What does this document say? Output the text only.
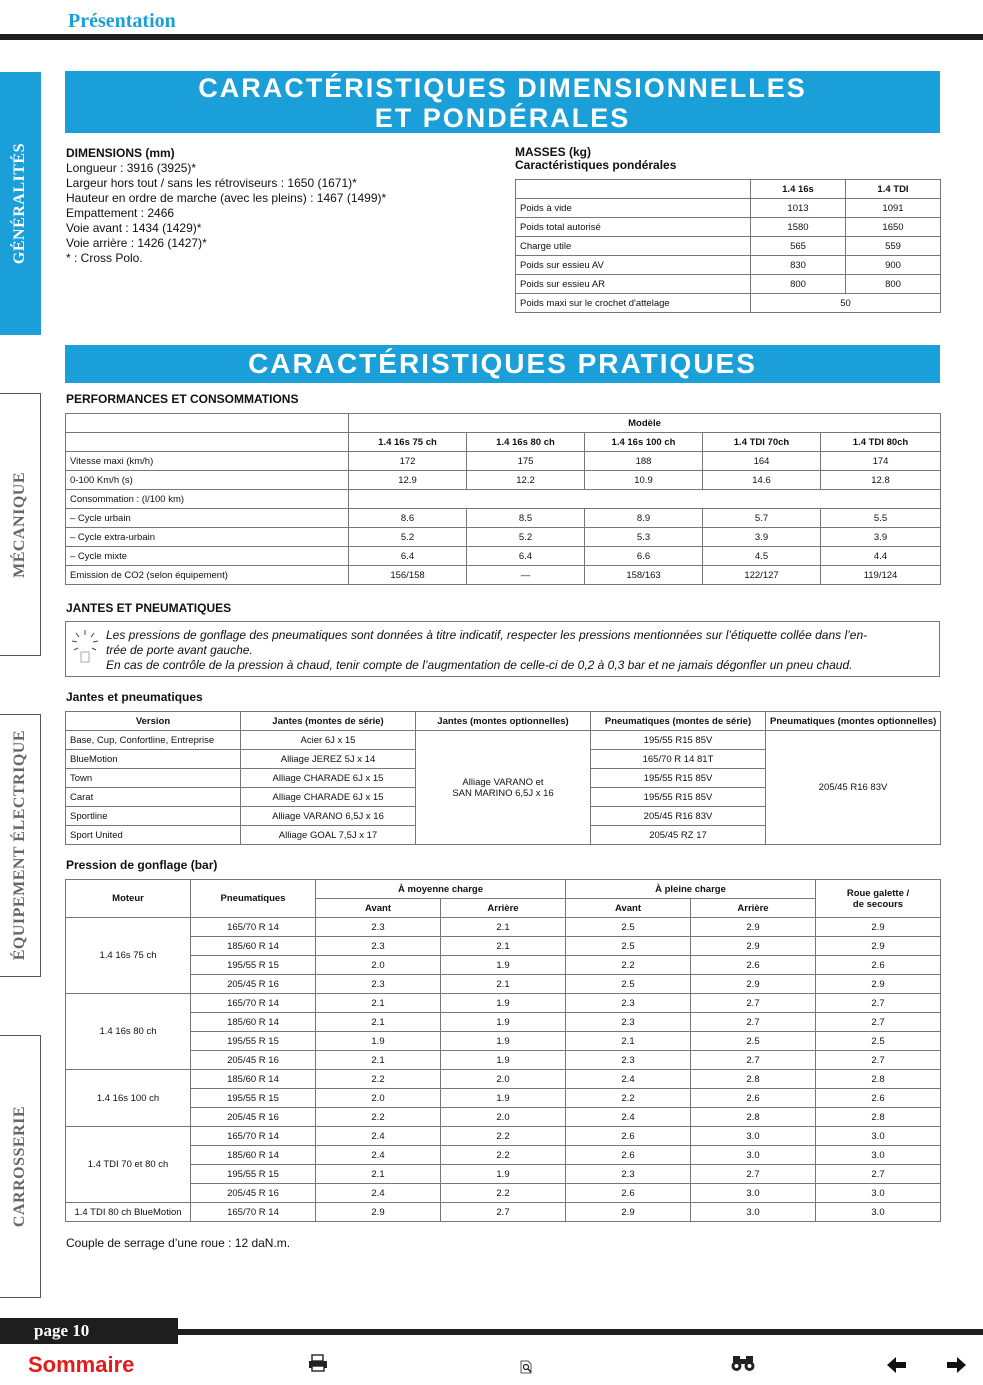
Présentation
GÉNÉRALITÉS
MÉCANIQUE
ÉQUIPEMENT ÉLECTRIQUE
CARROSSERIE
CARACTÉRISTIQUES DIMENSIONNELLES
ET PONDÉRALES
DIMENSIONS (mm)
Longueur : 3916 (3925)*
Largeur hors tout / sans les rétroviseurs : 1650 (1671)*
Hauteur en ordre de marche (avec les pleins) : 1467 (1499)*
Empattement : 2466
Voie avant : 1434 (1429)*
Voie arrière : 1426 (1427)*
* : Cross Polo.
MASSES (kg)
Caractéristiques pondérales
	1.4 16s	1.4 TDI
Poids à vide	1013	1091
Poids total autorisé	1580	1650
Charge utile	565	559
Poids sur essieu AV	830	900
Poids sur essieu AR	800	800
Poids maxi sur le crochet d'attelage	50	
CARACTÉRISTIQUES PRATIQUES
PERFORMANCES ET CONSOMMATIONS
	Modèle				
	1.4 16s 75 ch	1.4 16s 80 ch	1.4 16s 100 ch	1.4 TDI 70ch	1.4 TDI 80ch
Vitesse maxi (km/h)	172	175	188	164	174
0-100 Km/h (s)	12.9	12.2	10.9	14.6	12.8
Consommation : (l/100 km)					
– Cycle urbain	8.6	8.5	8.9	5.7	5.5
– Cycle extra-urbain	5.2	5.2	5.3	3.9	3.9
– Cycle mixte	6.4	6.4	6.6	4.5	4.4
Emission de CO2 (selon équipement)	156/158	—	158/163	122/127	119/124
JANTES ET PNEUMATIQUES
Les pressions de gonflage des pneumatiques sont données à titre indicatif, respecter les pressions mentionnées sur l’étiquette collée dans l’en-
trée de porte avant gauche.
En cas de contrôle de la pression à chaud, tenir compte de l’augmentation de celle-ci de 0,2 à 0,3 bar et ne jamais dégonfler un pneu chaud.
Jantes et pneumatiques
Version	Jantes (montes de série)	Jantes (montes optionnelles)	Pneumatiques (montes de série)	Pneumatiques (montes optionnelles)
Base, Cup, Confortline, Entreprise	Acier 6J x 15	Alliage VARANO et
SAN MARINO 6,5J x 16	195/55 R15 85V	205/45 R16 83V
BlueMotion	Alliage JEREZ 5J x 14		165/70 R 14 81T	
Town	Alliage CHARADE 6J x 15		195/55 R15 85V	
Carat	Alliage CHARADE 6J x 15		195/55 R15 85V	
Sportline	Alliage VARANO 6,5J x 16		205/45 R16 83V	
Sport United	Alliage GOAL 7,5J x 17		205/45 RZ 17	
Pression de gonflage (bar)
Moteur	Pneumatiques	À moyenne charge		À pleine charge		Roue galette /
de secours

		Avant	Arrière	Avant	Arrière	
1.4 16s 75 ch	165/70 R 14	2.3	2.1	2.5	2.9	2.9
	185/60 R 14	2.3	2.1	2.5	2.9	2.9
	195/55 R 15	2.0	1.9	2.2	2.6	2.6
	205/45 R 16	2.3	2.1	2.5	2.9	2.9
1.4 16s 80 ch	165/70 R 14	2.1	1.9	2.3	2.7	2.7
	185/60 R 14	2.1	1.9	2.3	2.7	2.7
	195/55 R 15	1.9	1.9	2.1	2.5	2.5
	205/45 R 16	2.1	1.9	2.3	2.7	2.7
1.4 16s 100 ch	185/60 R 14	2.2	2.0	2.4	2.8	2.8
	195/55 R 15	2.0	1.9	2.2	2.6	2.6
	205/45 R 16	2.2	2.0	2.4	2.8	2.8
1.4 TDI 70 et 80 ch	165/70 R 14	2.4	2.2	2.6	3.0	3.0
	185/60 R 14	2.4	2.2	2.6	3.0	3.0
	195/55 R 15	2.1	1.9	2.3	2.7	2.7
	205/45 R 16	2.4	2.2	2.6	3.0	3.0
1.4 TDI 80 ch BlueMotion	165/70 R 14	2.9	2.7	2.9	3.0	3.0
Couple de serrage d’une roue : 12 daN.m.
page 10
Sommaire
